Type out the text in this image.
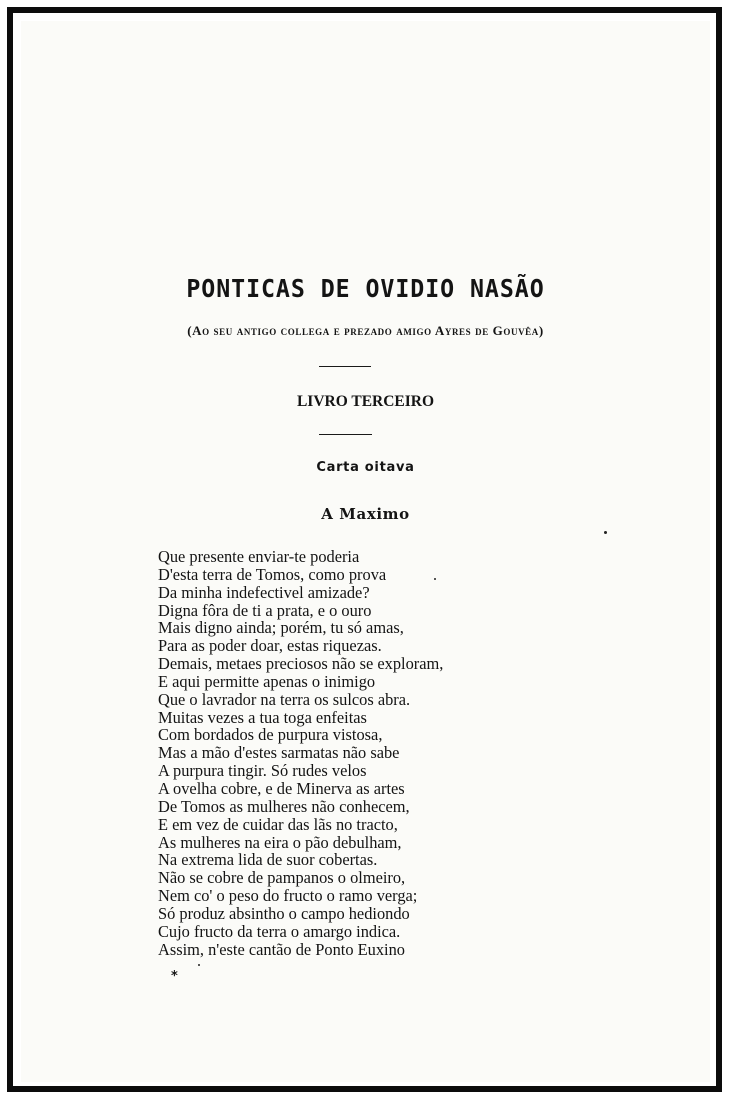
PONTICAS DE OVIDIO NASÃO

(Ao seu antigo collega e prezado amigo Ayres de Gouvêa)

LIVRO TERCEIRO
Carta oitava
A Maximo
Que presente enviar-te poderia
D'esta terra de Tomos, como prova
Da minha indefectivel amizade?
Digna fôra de ti a prata, e o ouro
Mais digno ainda; porém, tu só amas,
Para as poder doar, estas riquezas.
Demais, metaes preciosos não se exploram,
E aqui permitte apenas o inimigo
Que o lavrador na terra os sulcos abra.
Muitas vezes a tua toga enfeitas
Com bordados de purpura vistosa,
Mas a mão d'estes sarmatas não sabe
A purpura tingir. Só rudes velos
A ovelha cobre, e de Minerva as artes
De Tomos as mulheres não conhecem,
E em vez de cuidar das lãs no tracto,
As mulheres na eira o pão debulham,
Na extrema lida de suor cobertas.
Não se cobre de pampanos o olmeiro,
Nem co' o peso do fructo o ramo verga;
Só produz absintho o campo hediondo
Cujo fructo da terra o amargo indica.
Assim, n'este cantão de Ponto Euxino

*
